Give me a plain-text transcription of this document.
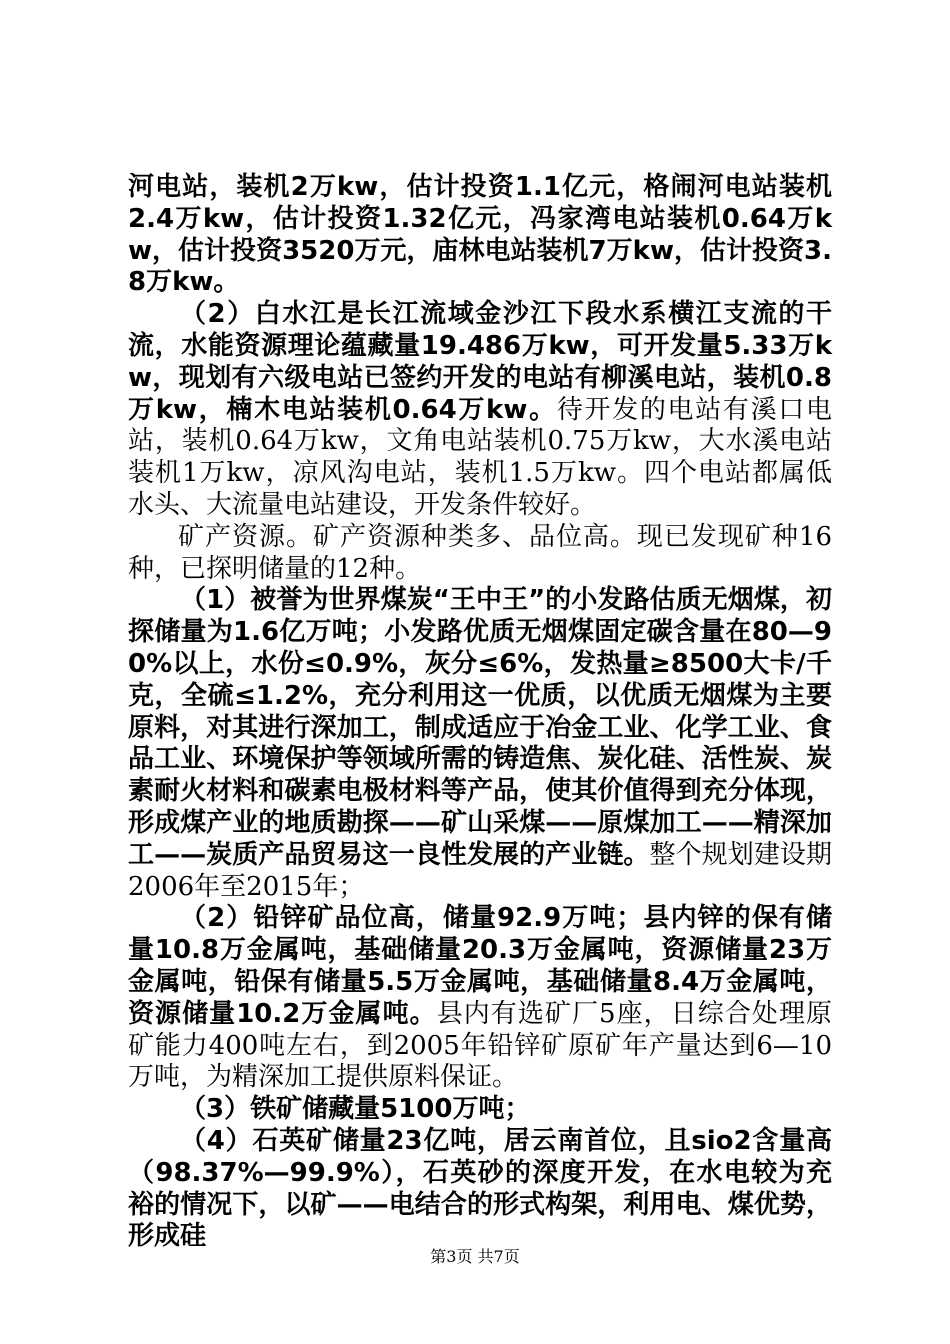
河电站，装机2万kw，估计投资1.1亿元，格闹河电站装机2.4万kw，估计投资1.32亿元，冯家湾电站装机0.64万kw，估计投资3520万元，庙林电站装机7万kw，估计投资3.8万kw。

（2）白水江是长江流域金沙江下段水系横江支流的干流，水能资源理论蕴藏量19.486万kw，可开发量5.33万kw，现划有六级电站已签约开发的电站有柳溪电站，装机0.8万kw，楠木电站装机0.64万kw。待开发的电站有溪口电站，装机0.64万kw，文角电站装机0.75万kw，大水溪电站装机1万kw，凉风沟电站，装机1.5万kw。四个电站都属低水头、大流量电站建设，开发条件较好。

矿产资源。矿产资源种类多、品位高。现已发现矿种16种，已探明储量的12种。

（1）被誉为世界煤炭“王中王”的小发路估质无烟煤，初探储量为1.6亿万吨；小发路优质无烟煤固定碳含量在80—90%以上，水份≤0.9%，灰分≤6%，发热量≥8500大卡/千克，全硫≤1.2%，充分利用这一优质，以优质无烟煤为主要原料，对其进行深加工，制成适应于冶金工业、化学工业、食品工业、环境保护等领域所需的铸造焦、炭化硅、活性炭、炭素耐火材料和碳素电极材料等产品，使其价值得到充分体现，形成煤产业的地质勘探——矿山采煤——原煤加工——精深加工——炭质产品贸易这一良性发展的产业链。整个规划建设期2006年至2015年；

（2）铅锌矿品位高，储量92.9万吨；县内锌的保有储量10.8万金属吨，基础储量20.3万金属吨，资源储量23万金属吨，铅保有储量5.5万金属吨，基础储量8.4万金属吨，资源储量10.2万金属吨。县内有选矿厂5座，日综合处理原矿能力400吨左右，到2005年铅锌矿原矿年产量达到6—10万吨，为精深加工提供原料保证。

（3）铁矿储藏量5100万吨；

（4）石英矿储量23亿吨，居云南首位，且sio2含量高（98.37%—99.9%），石英砂的深度开发，在水电较为充裕的情况下，以矿——电结合的形式构架，利用电、煤优势，形成硅

第3页 共7页
